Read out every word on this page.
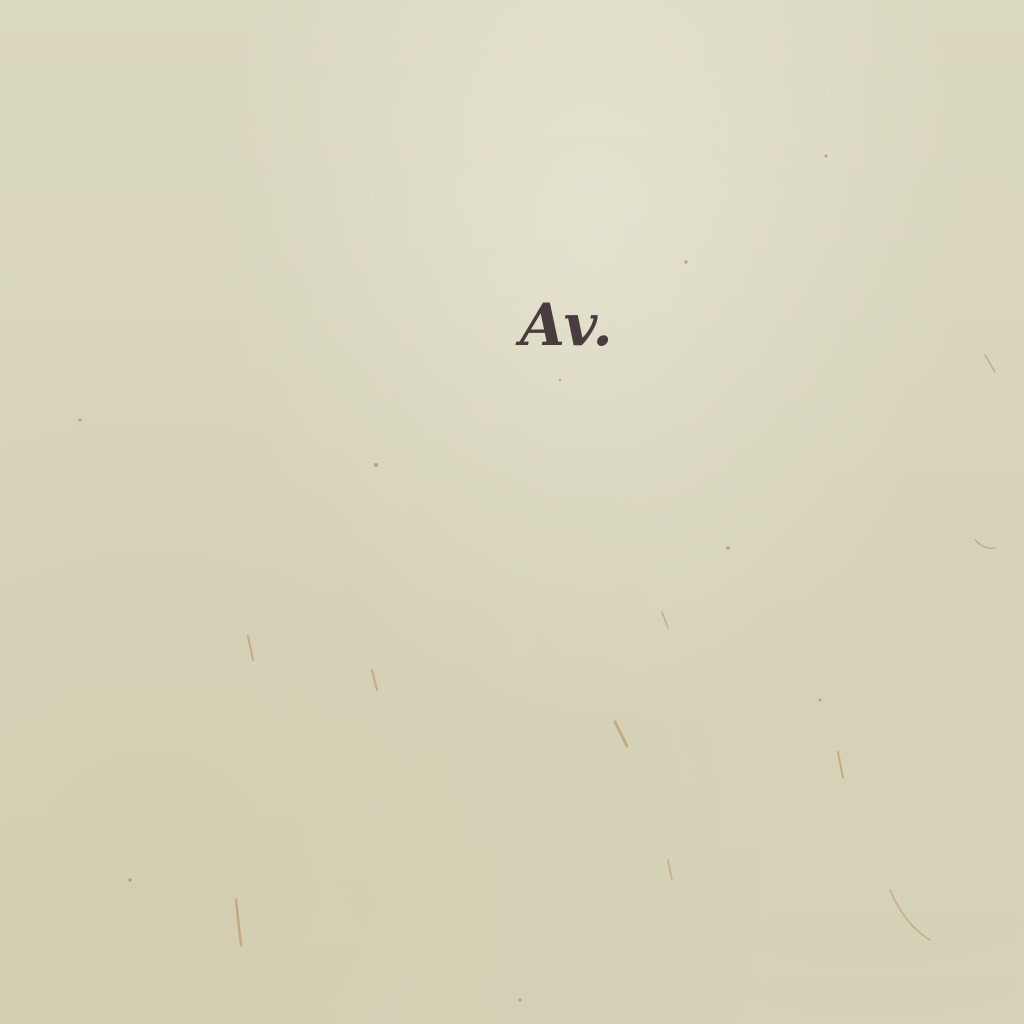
Av.
